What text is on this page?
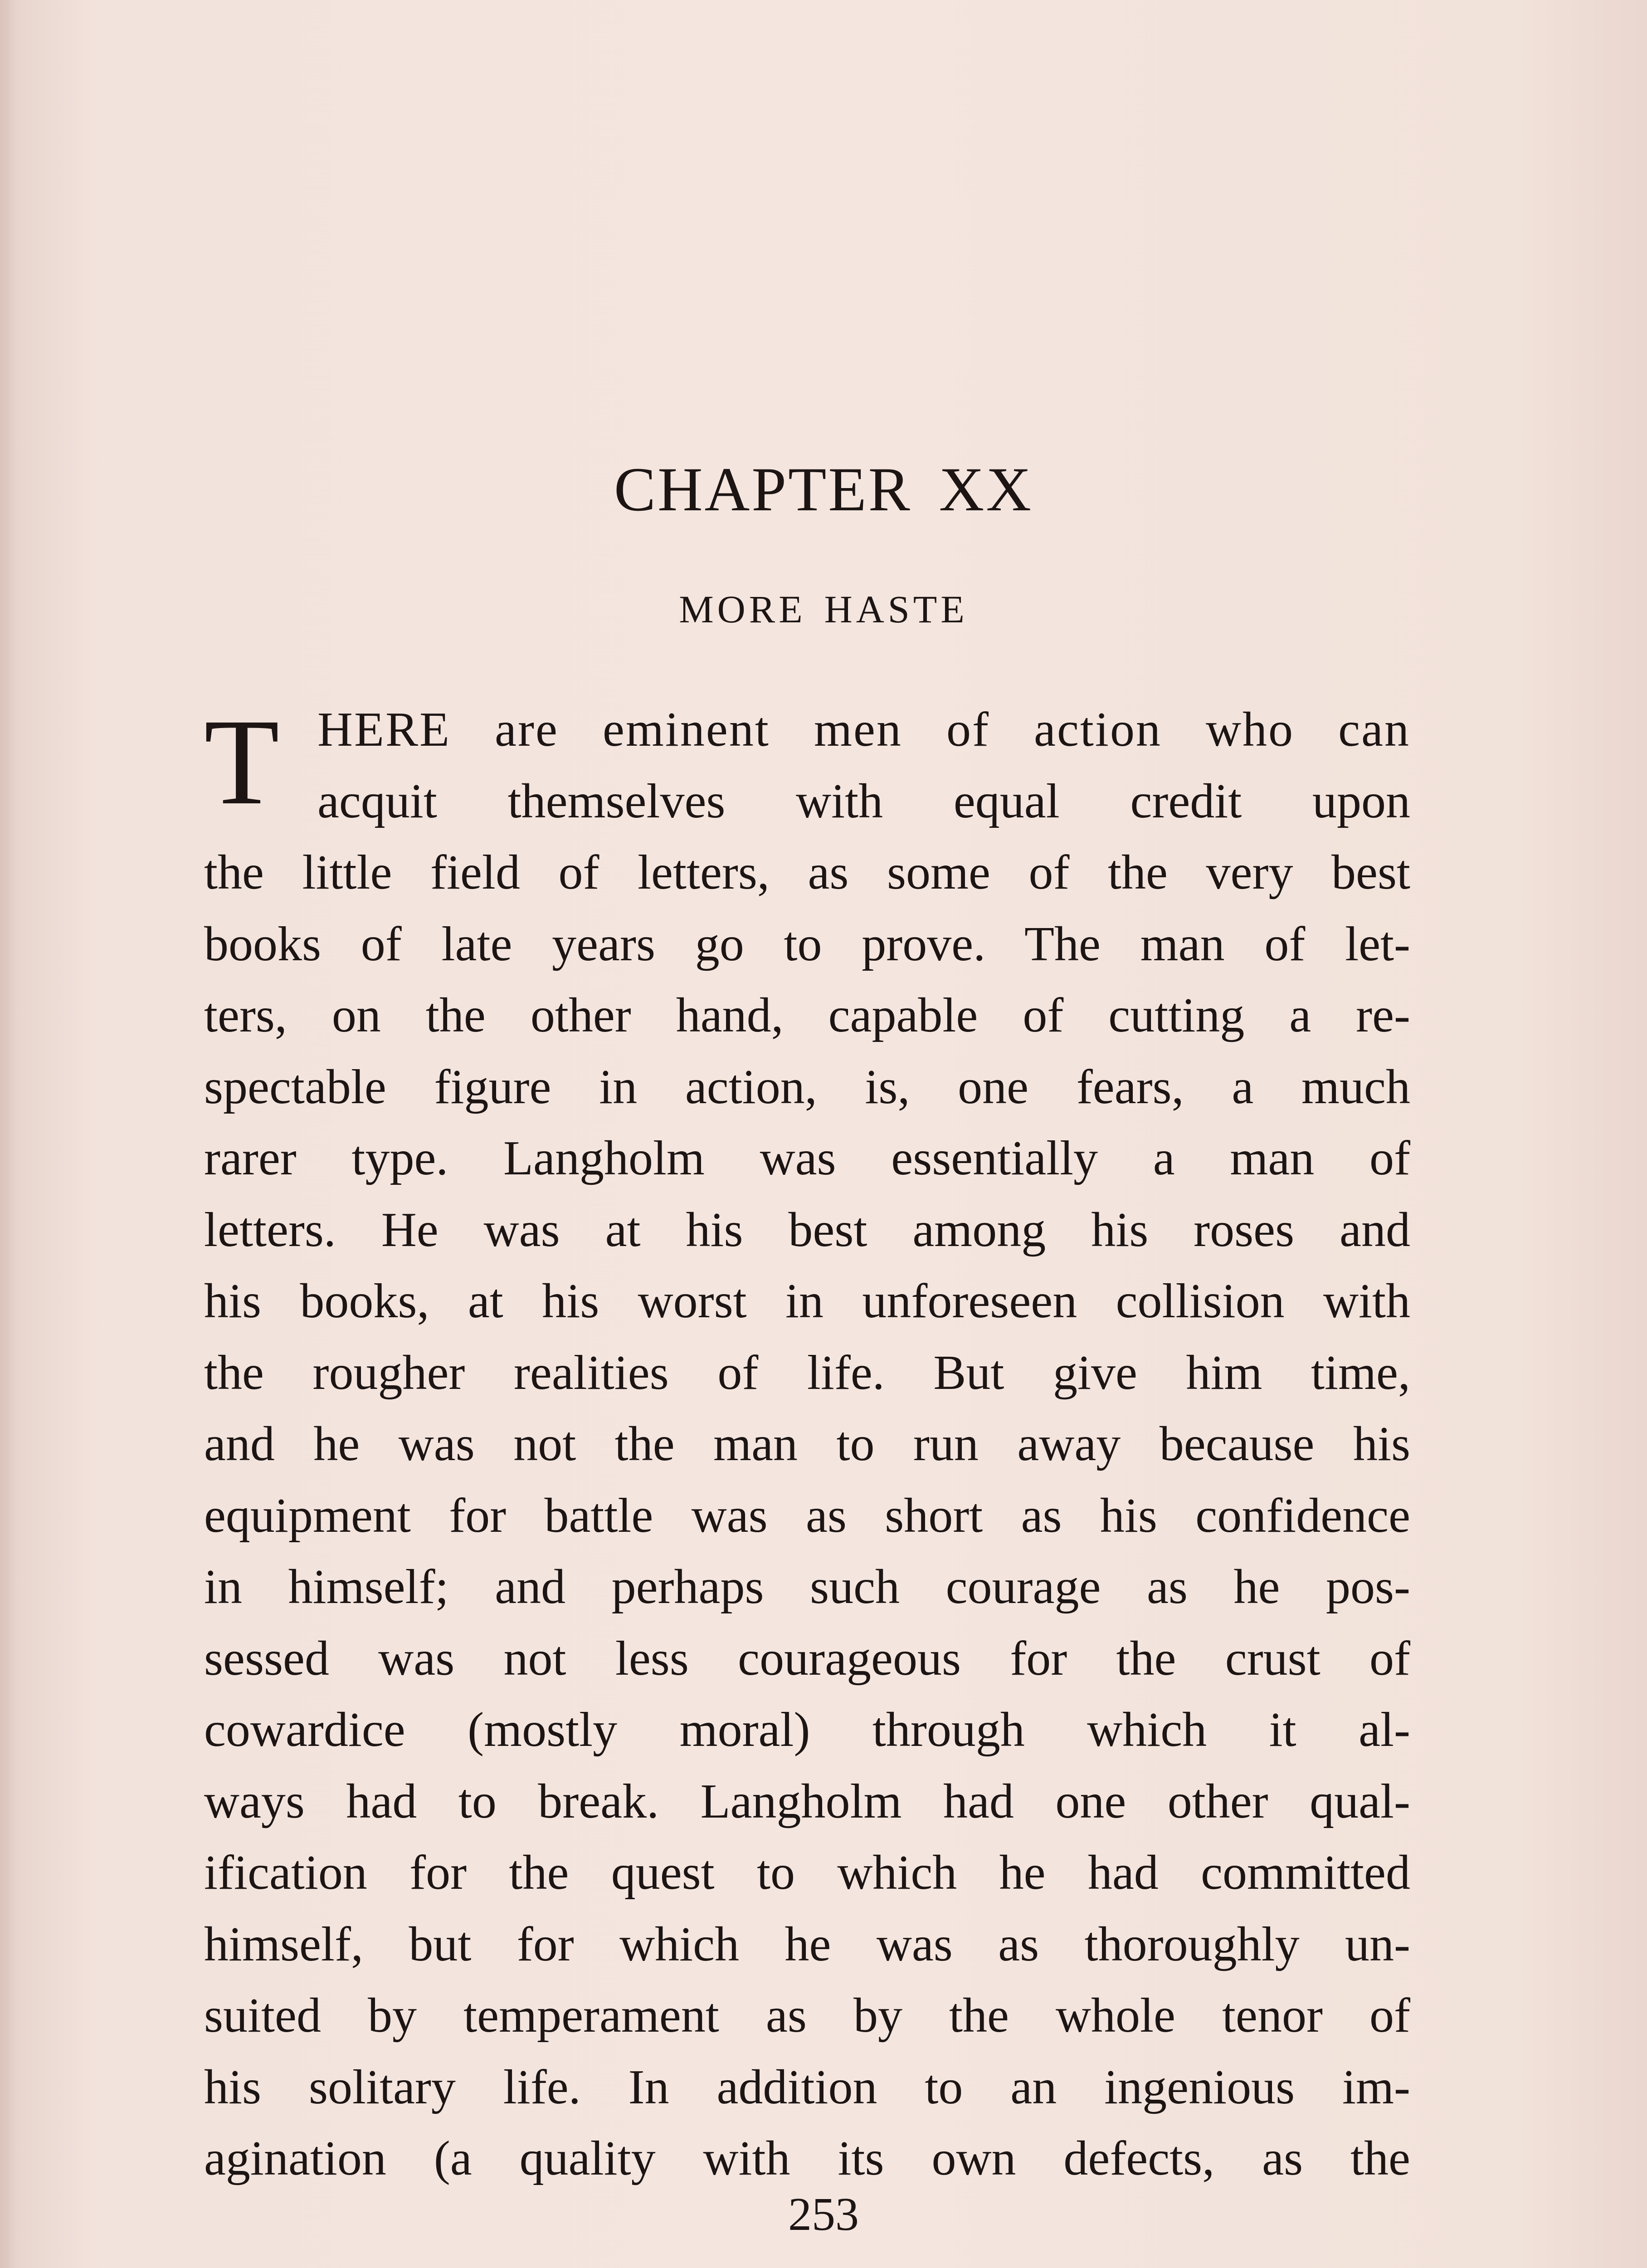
CHAPTER XX
MORE HASTE
T HERE are eminent men of action who can
acquit themselves with equal credit upon
the little field of letters, as some of the very best
books of late years go to prove. The man of let-
ters, on the other hand, capable of cutting a re-
spectable figure in action, is, one fears, a much
rarer type. Langholm was essentially a man of
letters. He was at his best among his roses and
his books, at his worst in unforeseen collision with
the rougher realities of life. But give him time,
and he was not the man to run away because his
equipment for battle was as short as his confidence
in himself; and perhaps such courage as he pos-
sessed was not less courageous for the crust of
cowardice (mostly moral) through which it al-
ways had to break. Langholm had one other qual-
ification for the quest to which he had committed
himself, but for which he was as thoroughly un-
suited by temperament as by the whole tenor of
his solitary life. In addition to an ingenious im-
agination (a quality with its own defects, as the
253
